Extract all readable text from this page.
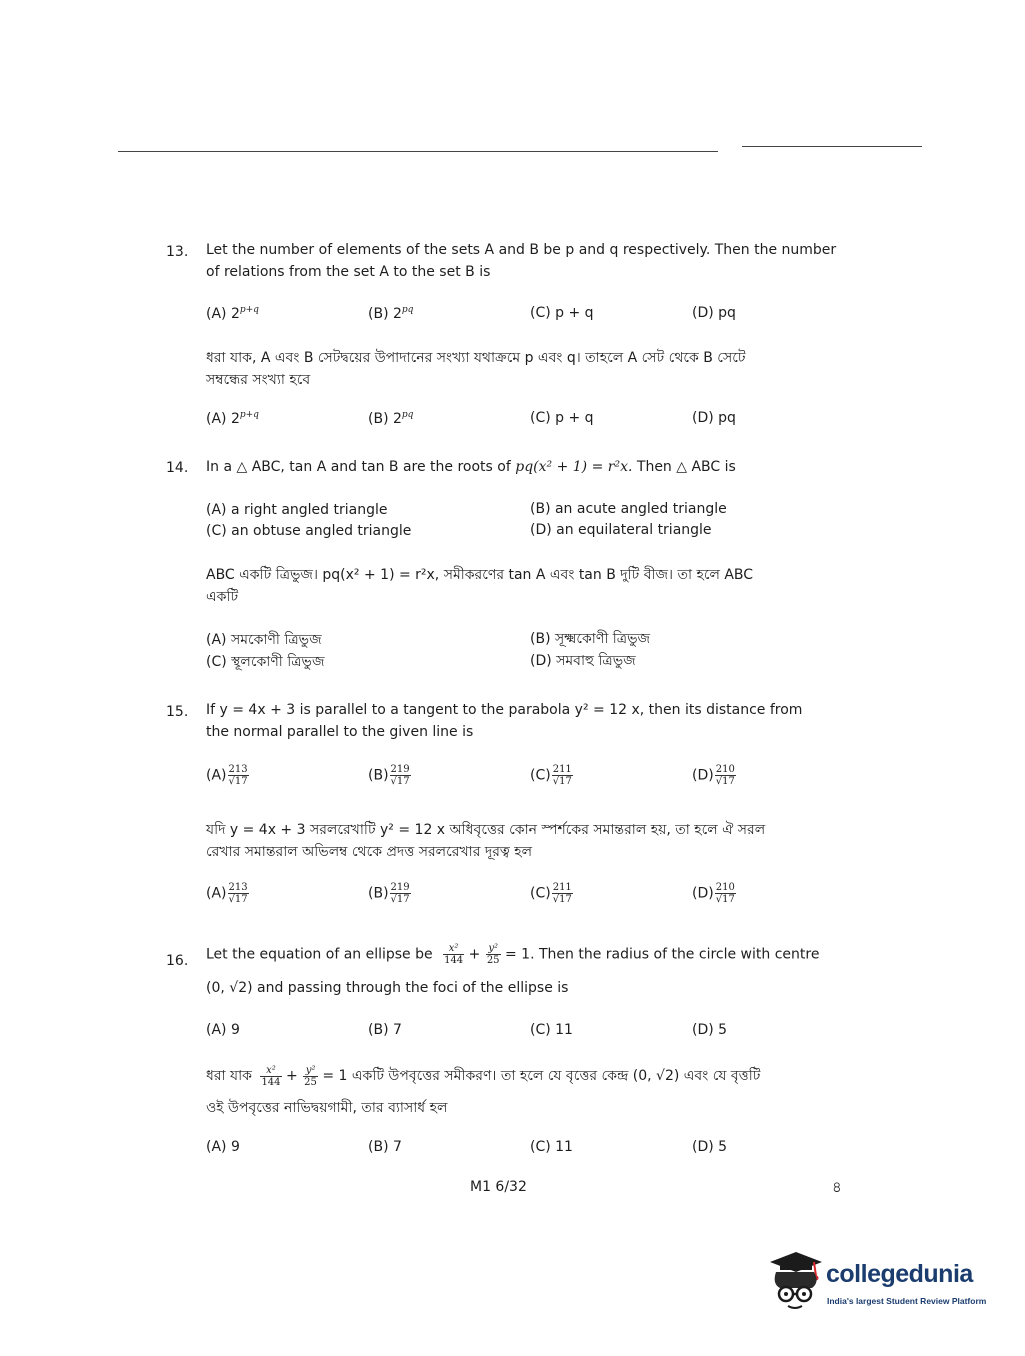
13. Let the number of elements of the sets A and B be p and q respectively. Then the number
of relations from the set A to the set B is
(A) $2^{p+q}$	(B) $2^{pq}$	(C) p + q	(D) pq
ধরা যাক, A এবং B সেটদ্বয়ের উপাদানের সংখ্যা যথাক্রমে p এবং q। তাহলে A সেট থেকে B সেটে
সম্বন্ধের সংখ্যা হবে
(A) $2^{p+q}$	(B) $2^{pq}$	(C) p + q	(D) pq
14. In a △ ABC, tan A and tan B are the roots of pq(x² + 1) = r²x. Then △ ABC is
(A) a right angled triangle	(B) an acute angled triangle
(C) an obtuse angled triangle	(D) an equilateral triangle
ABC একটি ত্রিভুজ। pq(x² + 1) = r²x, সমীকরণের tan A এবং tan B দুটি বীজ। তা হলে ABC
একটি
(A) সমকোণী ত্রিভুজ	(B) সূক্ষ্মকোণী ত্রিভুজ
(C) স্থূলকোণী ত্রিভুজ	(D) সমবাহু ত্রিভুজ
15. If y = 4x + 3 is parallel to a tangent to the parabola y² = 12 x, then its distance from
the normal parallel to the given line is
$(A) \frac{213}{√17}$	$(B) \frac{219}{√17}$	$(C) \frac{211}{√17}$	$(D) \frac{210}{√17}$
যদি y = 4x + 3 সরলরেখাটি y² = 12 x অধিবৃত্তের কোন স্পর্শকের সমান্তরাল হয়, তা হলে ঐ সরল
রেখার সমান্তরাল অভিলম্ব থেকে প্রদত্ত সরলরেখার দূরত্ব হল
$(A) \frac{213}{√17}$	$(B) \frac{219}{√17}$	$(C) \frac{211}{√17}$	$(D) \frac{210}{√17}$
16. Let the equation of an ellipse be $\frac{\text{x²}}{144} + \frac{\text{y²}}{25} = 1$. Then the radius of the circle with centre
(0, √2) and passing through the foci of the ellipse is
(A) 9	(B) 7	(C) 11	(D) 5
ধরা যাক $\frac{\text{x²}}{144} + \frac{\text{y²}}{25} = 1$ একটি উপবৃত্তের সমীকরণ। তা হলে যে বৃত্তের কেন্দ্র (0, √2) এবং যে বৃত্তটি
ওই উপবৃত্তের নাভিদ্বয়গামী, তার ব্যাসার্ধ হল
(A) 9	(B) 7	(C) 11	(D) 5
M1 6/32	৪
collegedunia
India's largest Student Review Platform
